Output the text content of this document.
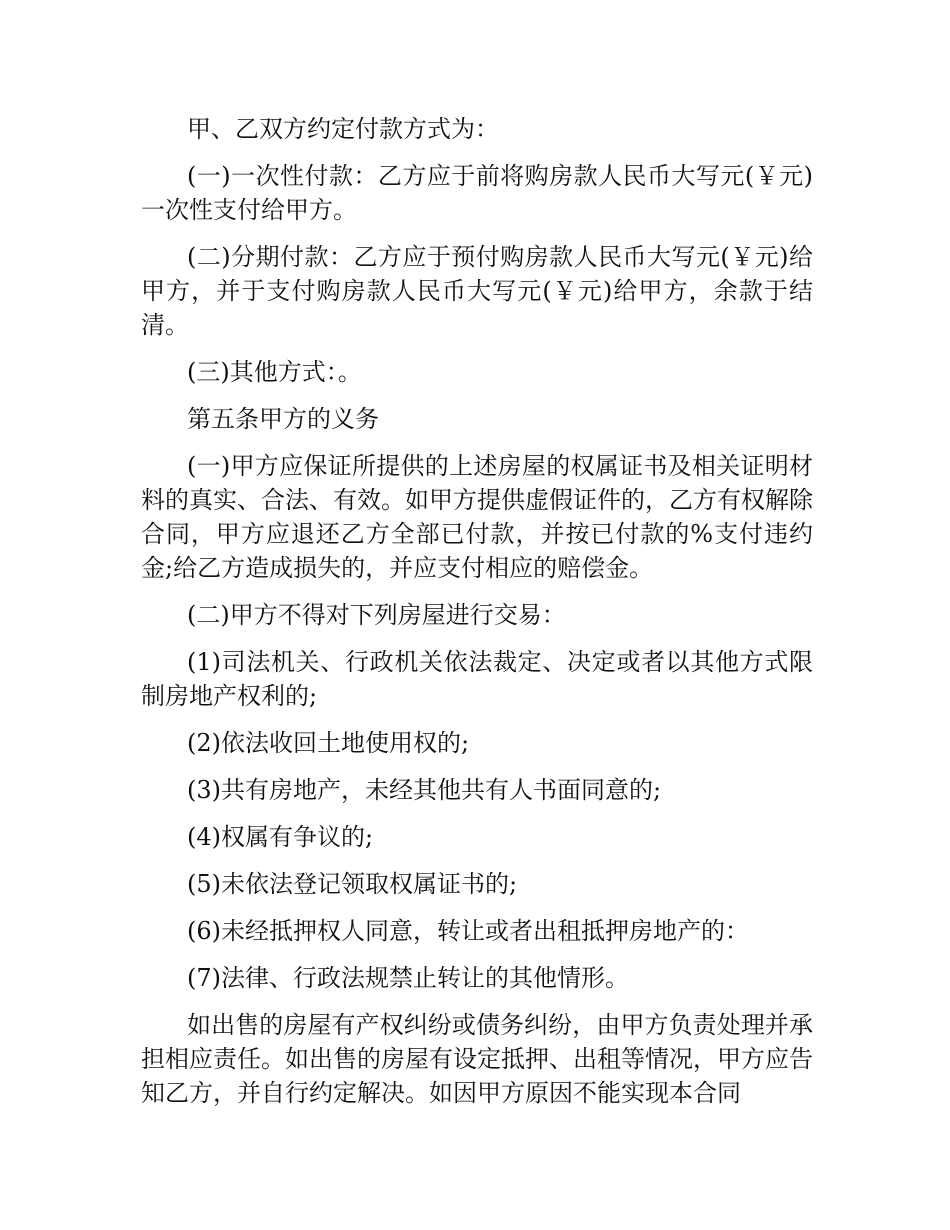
甲、乙双方约定付款方式为：

(一)一次性付款：乙方应于前将购房款人民币大写元(￥元)一次性支付给甲方。

(二)分期付款：乙方应于预付购房款人民币大写元(￥元)给甲方，并于支付购房款人民币大写元(￥元)给甲方，余款于结清。

(三)其他方式：。

第五条甲方的义务

(一)甲方应保证所提供的上述房屋的权属证书及相关证明材料的真实、合法、有效。如甲方提供虚假证件的，乙方有权解除合同，甲方应退还乙方全部已付款，并按已付款的%支付违约金;给乙方造成损失的，并应支付相应的赔偿金。

(二)甲方不得对下列房屋进行交易：

(1)司法机关、行政机关依法裁定、决定或者以其他方式限制房地产权利的;

(2)依法收回土地使用权的;

(3)共有房地产，未经其他共有人书面同意的;

(4)权属有争议的;

(5)未依法登记领取权属证书的;

(6)未经抵押权人同意，转让或者出租抵押房地产的：

(7)法律、行政法规禁止转让的其他情形。

如出售的房屋有产权纠纷或债务纠纷，由甲方负责处理并承担相应责任。如出售的房屋有设定抵押、出租等情况，甲方应告知乙方，并自行约定解决。如因甲方原因不能实现本合同
